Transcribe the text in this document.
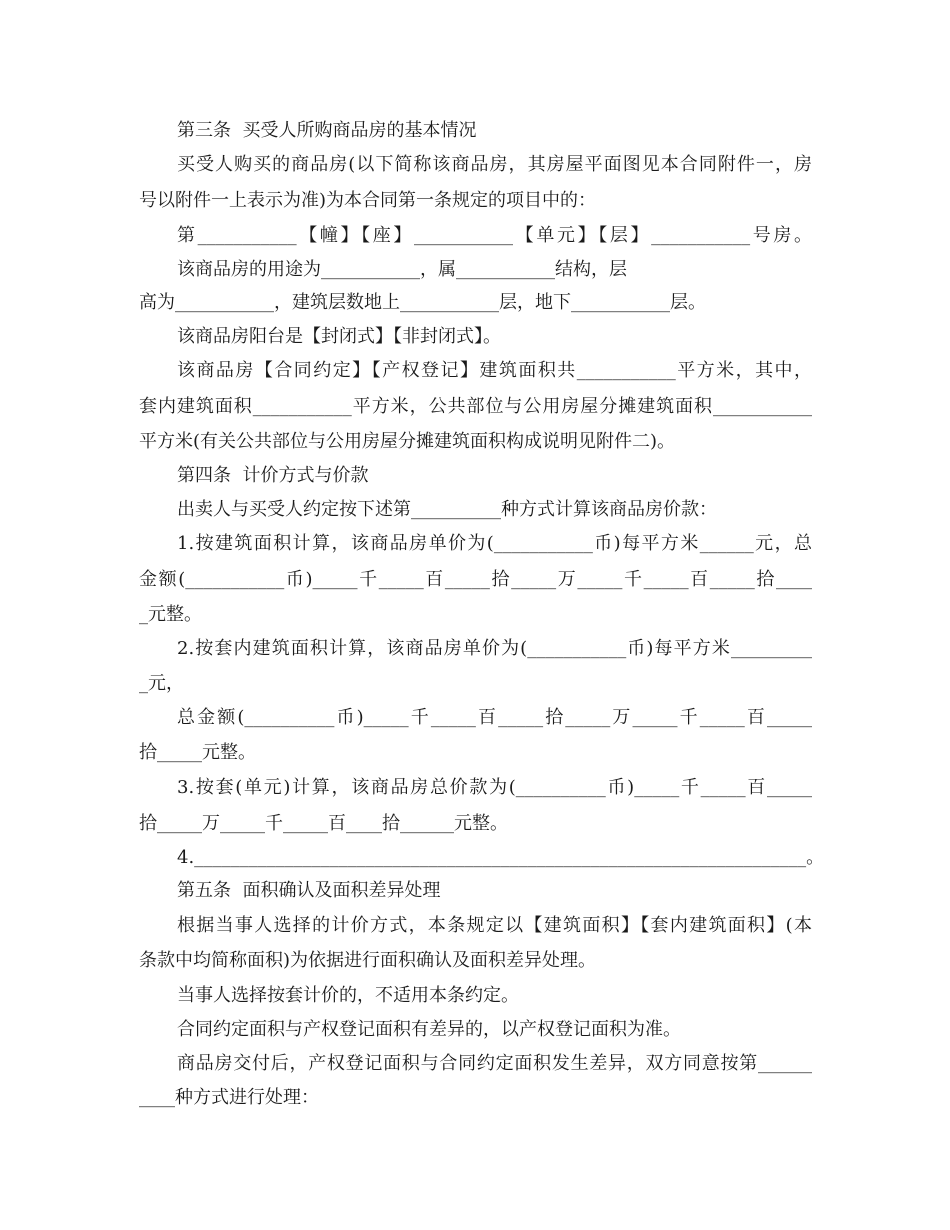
第三条  买受人所购商品房的基本情况
买受人购买的商品房(以下简称该商品房，其房屋平面图见本合同附件一，房
号以附件一上表示为准)为本合同第一条规定的项目中的：
第___________【幢】【座】___________【单元】【层】___________号房。
该商品房的用途为___________，属___________结构，层
高为___________，建筑层数地上___________层，地下___________层。
该商品房阳台是【封闭式】【非封闭式】。
该商品房【合同约定】【产权登记】建筑面积共___________平方米，其中，
套内建筑面积___________平方米，公共部位与公用房屋分摊建筑面积___________
平方米(有关公共部位与公用房屋分摊建筑面积构成说明见附件二)。
第四条  计价方式与价款
出卖人与买受人约定按下述第__________种方式计算该商品房价款：
1.按建筑面积计算，该商品房单价为(___________币)每平方米______元，总
金额(___________币)_____千_____百_____拾_____万_____千_____百_____拾____
_元整。
2.按套内建筑面积计算，该商品房单价为(___________币)每平方米_________
_元，
总金额(__________币)_____千_____百_____拾_____万_____千_____百_____
拾_____元整。
3.按套(单元)计算，该商品房总价款为(__________币)_____千_____百_____
拾_____万_____千_____百____拾______元整。
4.____________________________________________________________________。
第五条  面积确认及面积差异处理
根据当事人选择的计价方式，本条规定以【建筑面积】【套内建筑面积】(本
条款中均简称面积)为依据进行面积确认及面积差异处理。
当事人选择按套计价的，不适用本条约定。
合同约定面积与产权登记面积有差异的，以产权登记面积为准。
商品房交付后，产权登记面积与合同约定面积发生差异，双方同意按第______
____种方式进行处理：
